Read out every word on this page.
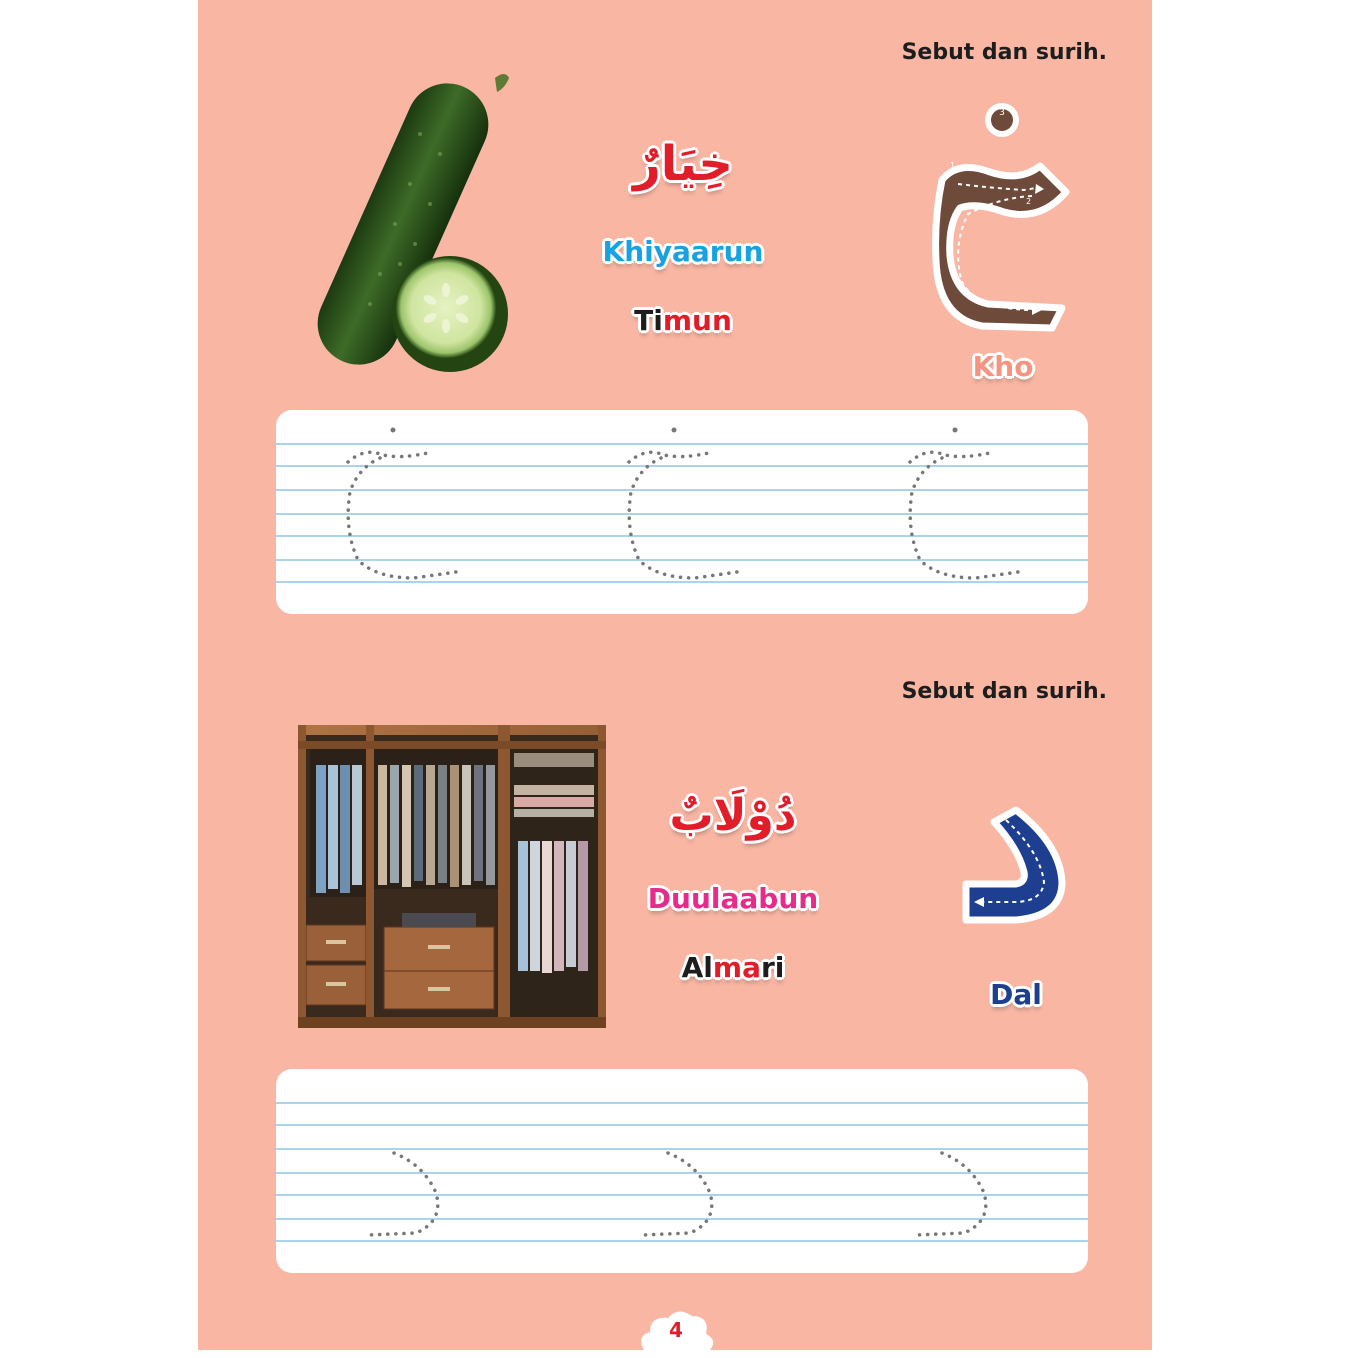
Sebut dan surih.
خِيَارٌ
Khiyaarun
Timun
3
1
2
Kho
Sebut dan surih.
دُوْلَابٌ
Duulaabun
Almari
Dal
4
